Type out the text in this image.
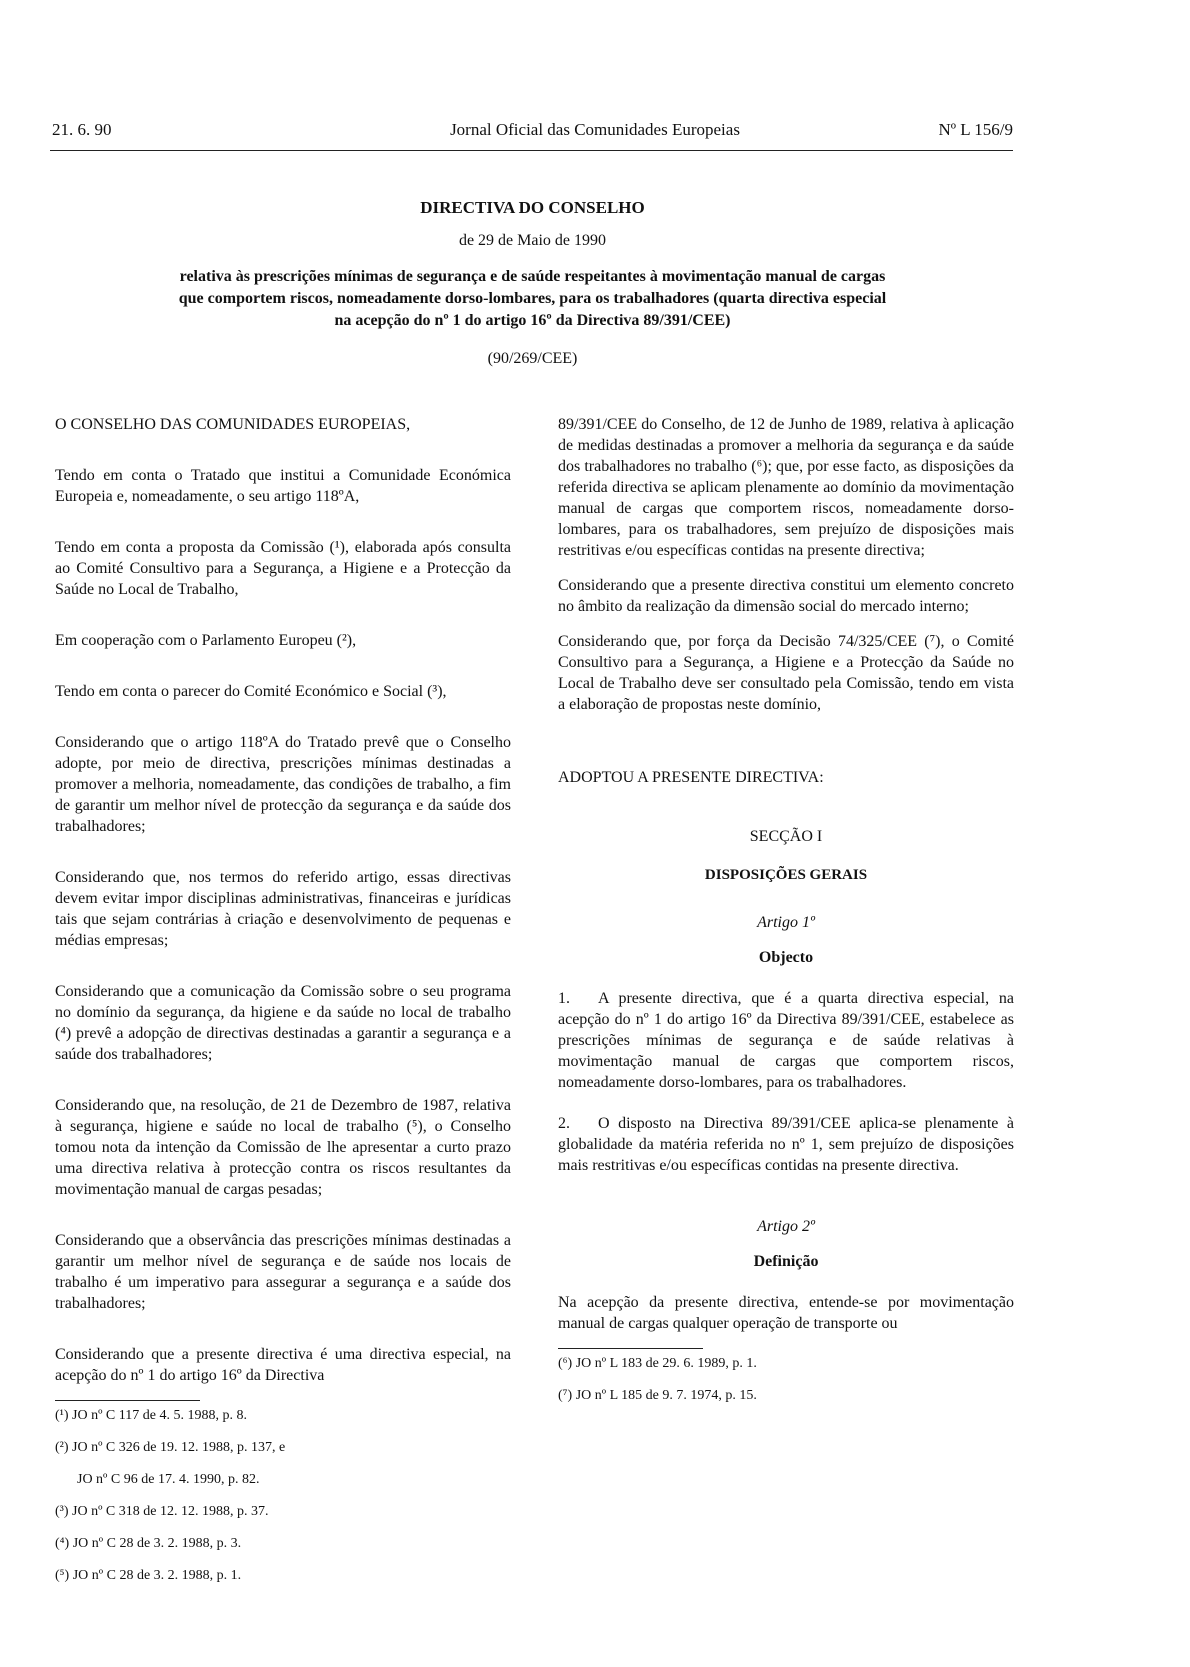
21. 6. 90	Jornal Oficial das Comunidades Europeias	Nº L 156/9
DIRECTIVA DO CONSELHO
de 29 de Maio de 1990
relativa às prescrições mínimas de segurança e de saúde respeitantes à movimentação manual de cargas que comportem riscos, nomeadamente dorso-lombares, para os trabalhadores (quarta directiva especial na acepção do nº 1 do artigo 16º da Directiva 89/391/CEE)
(90/269/CEE)

O CONSELHO DAS COMUNIDADES EUROPEIAS,

Tendo em conta o Tratado que institui a Comunidade Económica Europeia e, nomeadamente, o seu artigo 118ºA,

Tendo em conta a proposta da Comissão (¹), elaborada após consulta ao Comité Consultivo para a Segurança, a Higiene e a Protecção da Saúde no Local de Trabalho,

Em cooperação com o Parlamento Europeu (²),

Tendo em conta o parecer do Comité Económico e Social (³),

Considerando que o artigo 118ºA do Tratado prevê que o Conselho adopte, por meio de directiva, prescrições mínimas destinadas a promover a melhoria, nomeadamente, das condições de trabalho, a fim de garantir um melhor nível de protecção da segurança e da saúde dos trabalhadores;

Considerando que, nos termos do referido artigo, essas directivas devem evitar impor disciplinas administrativas, financeiras e jurídicas tais que sejam contrárias à criação e desenvolvimento de pequenas e médias empresas;

Considerando que a comunicação da Comissão sobre o seu programa no domínio da segurança, da higiene e da saúde no local de trabalho (⁴) prevê a adopção de directivas destinadas a garantir a segurança e a saúde dos trabalhadores;

Considerando que, na resolução, de 21 de Dezembro de 1987, relativa à segurança, higiene e saúde no local de trabalho (⁵), o Conselho tomou nota da intenção da Comissão de lhe apresentar a curto prazo uma directiva relativa à protecção contra os riscos resultantes da movimentação manual de cargas pesadas;

Considerando que a observância das prescrições mínimas destinadas a garantir um melhor nível de segurança e de saúde nos locais de trabalho é um imperativo para assegurar a segurança e a saúde dos trabalhadores;

Considerando que a presente directiva é uma directiva especial, na acepção do nº 1 do artigo 16º da Directiva

(¹) JO nº C 117 de 4. 5. 1988, p. 8.

(²) JO nº C 326 de 19. 12. 1988, p. 137, e

JO nº C 96 de 17. 4. 1990, p. 82.

(³) JO nº C 318 de 12. 12. 1988, p. 37.

(⁴) JO nº C 28 de 3. 2. 1988, p. 3.

(⁵) JO nº C 28 de 3. 2. 1988, p. 1.

89/391/CEE do Conselho, de 12 de Junho de 1989, relativa à aplicação de medidas destinadas a promover a melhoria da segurança e da saúde dos trabalhadores no trabalho (⁶); que, por esse facto, as disposições da referida directiva se aplicam plenamente ao domínio da movimentação manual de cargas que comportem riscos, nomeadamente dorso-lombares, para os trabalhadores, sem prejuízo de disposições mais restritivas e/ou específicas contidas na presente directiva;

Considerando que a presente directiva constitui um elemento concreto no âmbito da realização da dimensão social do mercado interno;

Considerando que, por força da Decisão 74/325/CEE (⁷), o Comité Consultivo para a Segurança, a Higiene e a Protecção da Saúde no Local de Trabalho deve ser consultado pela Comissão, tendo em vista a elaboração de propostas neste domínio,

ADOPTOU A PRESENTE DIRECTIVA:

SECÇÃO I

DISPOSIÇÕES GERAIS

Artigo 1º

Objecto

1. A presente directiva, que é a quarta directiva especial, na acepção do nº 1 do artigo 16º da Directiva 89/391/CEE, estabelece as prescrições mínimas de segurança e de saúde relativas à movimentação manual de cargas que comportem riscos, nomeadamente dorso-lombares, para os trabalhadores.

2. O disposto na Directiva 89/391/CEE aplica-se plenamente à globalidade da matéria referida no nº 1, sem prejuízo de disposições mais restritivas e/ou específicas contidas na presente directiva.

Artigo 2º

Definição

Na acepção da presente directiva, entende-se por movimentação manual de cargas qualquer operação de transporte ou

(⁶) JO nº L 183 de 29. 6. 1989, p. 1.

(⁷) JO nº L 185 de 9. 7. 1974, p. 15.
